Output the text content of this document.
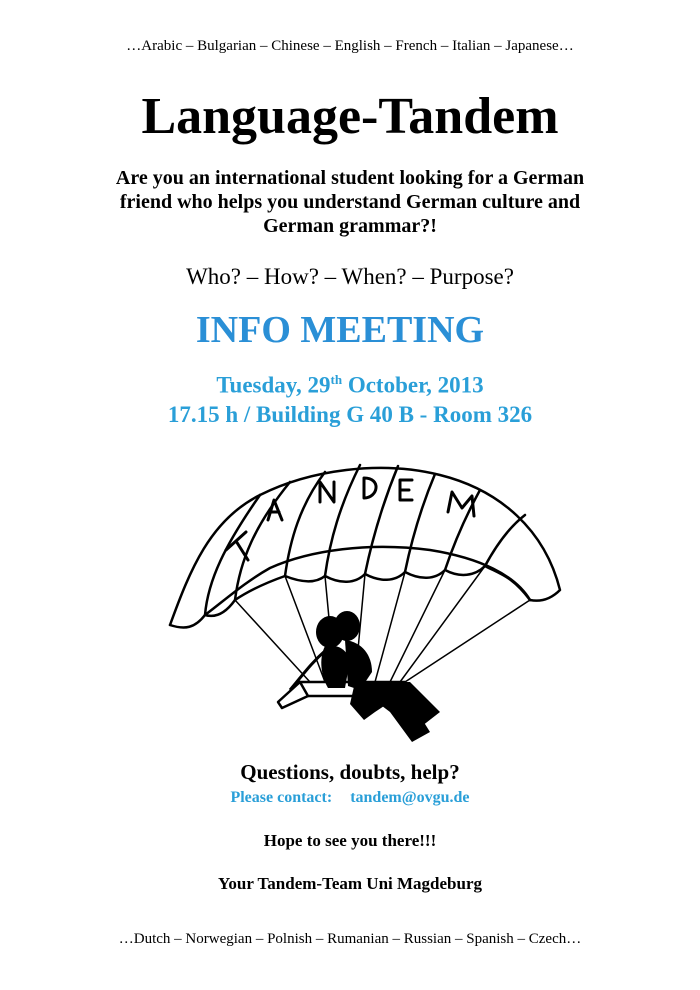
…Arabic – Bulgarian – Chinese – English – French – Italian – Japanese…
Language-Tandem
Are you an international student looking for a German friend who helps you understand German culture and German grammar?!
Who? – How? – When? – Purpose?
INFO MEETING
Tuesday, 29th October, 2013
17.15 h / Building G 40 B - Room 326
Questions, doubts, help?
Please contact: tandem@ovgu.de
Hope to see you there!!!
Your Tandem-Team Uni Magdeburg
…Dutch – Norwegian – Polnish – Rumanian – Russian – Spanish – Czech…
